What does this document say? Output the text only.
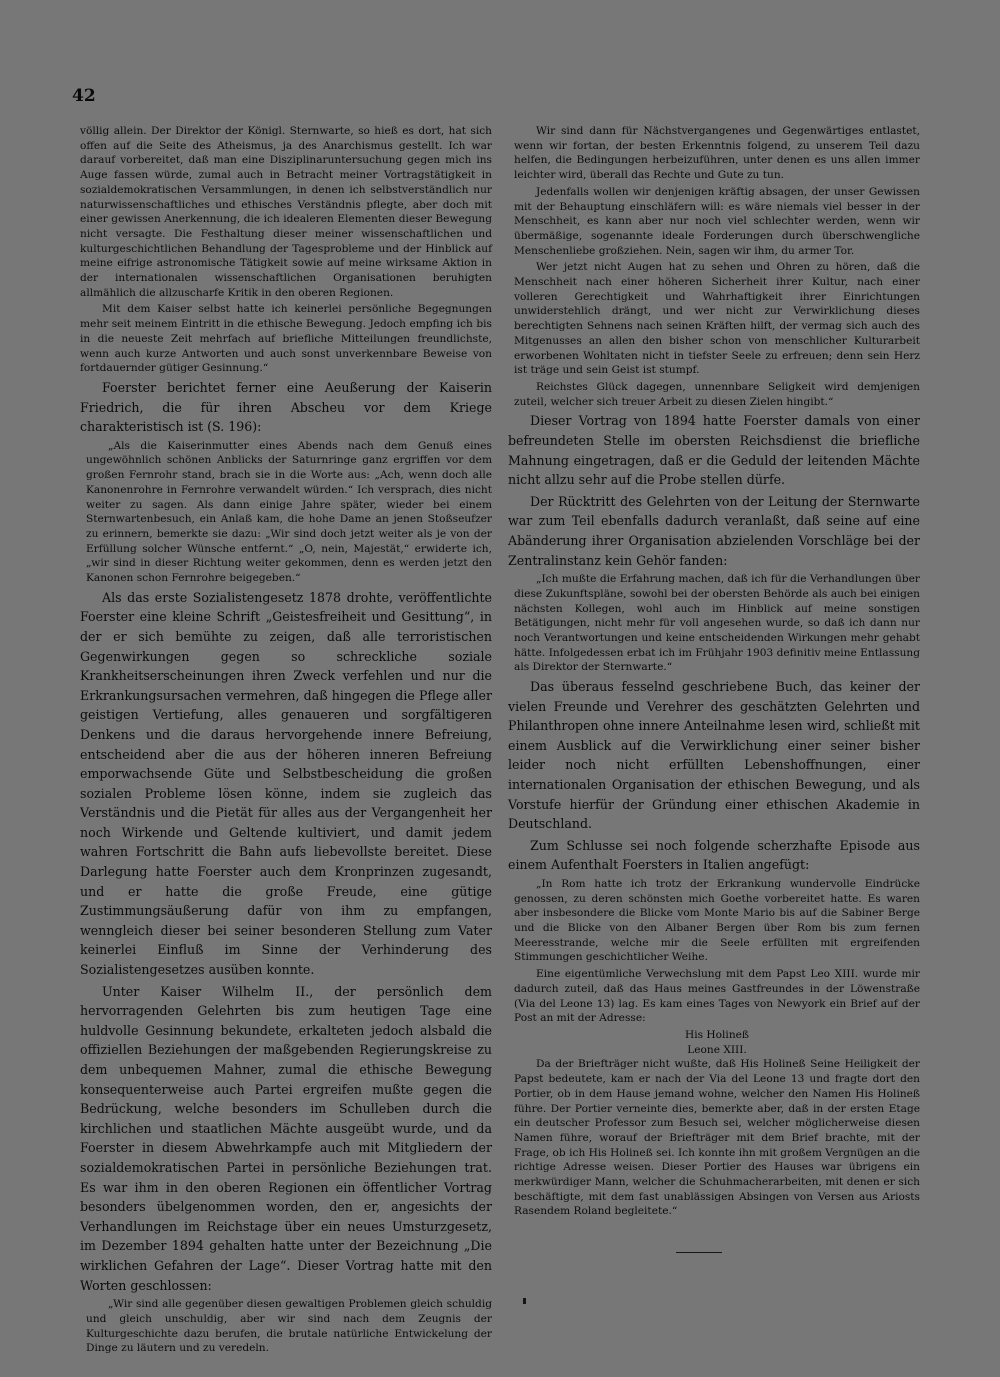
42

völlig allein. Der Direktor der Königl. Sternwarte, so hieß es dort, hat sich offen auf die Seite des Atheismus, ja des Anarchismus gestellt. Ich war darauf vorbereitet, daß man eine Disziplinaruntersuchung gegen mich ins Auge fassen würde, zumal auch in Betracht meiner Vortragstätigkeit in sozialdemokratischen Versammlungen, in denen ich selbstverständlich nur naturwissenschaftliches und ethisches Verständnis pflegte, aber doch mit einer gewissen Anerkennung, die ich idealeren Elementen dieser Bewegung nicht versagte. Die Festhaltung dieser meiner wissenschaftlichen und kulturgeschichtlichen Behandlung der Tagesprobleme und der Hinblick auf meine eifrige astronomische Tätigkeit sowie auf meine wirksame Aktion in der internationalen wissenschaftlichen Organisationen beruhigten allmählich die allzuscharfe Kritik in den oberen Regionen.

Mit dem Kaiser selbst hatte ich keinerlei persönliche Begegnungen mehr seit meinem Eintritt in die ethische Bewegung. Jedoch empfing ich bis in die neueste Zeit mehrfach auf briefliche Mitteilungen freundlichste, wenn auch kurze Antworten und auch sonst unverkennbare Beweise von fortdauernder gütiger Gesinnung.“

Foerster berichtet ferner eine Aeußerung der Kaiserin Friedrich, die für ihren Abscheu vor dem Kriege charakteristisch ist (S. 196):

„Als die Kaiserinmutter eines Abends nach dem Genuß eines ungewöhnlich schönen Anblicks der Saturnringe ganz ergriffen vor dem großen Fernrohr stand, brach sie in die Worte aus: „Ach, wenn doch alle Kanonenrohre in Fernrohre verwandelt würden.“ Ich versprach, dies nicht weiter zu sagen. Als dann einige Jahre später, wieder bei einem Sternwartenbesuch, ein Anlaß kam, die hohe Dame an jenen Stoßseufzer zu erinnern, bemerkte sie dazu: „Wir sind doch jetzt weiter als je von der Erfüllung solcher Wünsche entfernt.“ „O, nein, Majestät,“ erwiderte ich, „wir sind in dieser Richtung weiter gekommen, denn es werden jetzt den Kanonen schon Fernrohre beigegeben.“

Als das erste Sozialistengesetz 1878 drohte, veröffentlichte Foerster eine kleine Schrift „Geistesfreiheit und Gesittung“, in der er sich bemühte zu zeigen, daß alle terroristischen Gegenwirkungen gegen so schreckliche soziale Krankheitserscheinungen ihren Zweck verfehlen und nur die Erkrankungsursachen vermehren, daß hingegen die Pflege aller geistigen Vertiefung, alles genaueren und sorgfältigeren Denkens und die daraus hervorgehende innere Befreiung, entscheidend aber die aus der höheren inneren Befreiung emporwachsende Güte und Selbstbescheidung die großen sozialen Probleme lösen könne, indem sie zugleich das Verständnis und die Pietät für alles aus der Vergangenheit her noch Wirkende und Geltende kultiviert, und damit jedem wahren Fortschritt die Bahn aufs liebevollste bereitet. Diese Darlegung hatte Foerster auch dem Kronprinzen zugesandt, und er hatte die große Freude, eine gütige Zustimmungsäußerung dafür von ihm zu empfangen, wenngleich dieser bei seiner besonderen Stellung zum Vater keinerlei Einfluß im Sinne der Verhinderung des Sozialistengesetzes ausüben konnte.

Unter Kaiser Wilhelm II., der persönlich dem hervorragenden Gelehrten bis zum heutigen Tage eine huldvolle Gesinnung bekundete, erkalteten jedoch alsbald die offiziellen Beziehungen der maßgebenden Regierungskreise zu dem unbequemen Mahner, zumal die ethische Bewegung konsequenterweise auch Partei ergreifen mußte gegen die Bedrückung, welche besonders im Schulleben durch die kirchlichen und staatlichen Mächte ausgeübt wurde, und da Foerster in diesem Abwehrkampfe auch mit Mitgliedern der sozialdemokratischen Partei in persönliche Beziehungen trat. Es war ihm in den oberen Regionen ein öffentlicher Vortrag besonders übelgenommen worden, den er, angesichts der Verhandlungen im Reichstage über ein neues Umsturzgesetz, im Dezember 1894 gehalten hatte unter der Bezeichnung „Die wirklichen Gefahren der Lage“. Dieser Vortrag hatte mit den Worten geschlossen:

„Wir sind alle gegenüber diesen gewaltigen Problemen gleich schuldig und gleich unschuldig, aber wir sind nach dem Zeugnis der Kulturgeschichte dazu berufen, die brutale natürliche Entwickelung der Dinge zu läutern und zu veredeln.

Wir sind dann für Nächstvergangenes und Gegenwärtiges entlastet, wenn wir fortan, der besten Erkenntnis folgend, zu unserem Teil dazu helfen, die Bedingungen herbeizuführen, unter denen es uns allen immer leichter wird, überall das Rechte und Gute zu tun.

Jedenfalls wollen wir denjenigen kräftig absagen, der unser Gewissen mit der Behauptung einschläfern will: es wäre niemals viel besser in der Menschheit, es kann aber nur noch viel schlechter werden, wenn wir übermäßige, sogenannte ideale Forderungen durch überschwengliche Menschenliebe großziehen. Nein, sagen wir ihm, du armer Tor.

Wer jetzt nicht Augen hat zu sehen und Ohren zu hören, daß die Menschheit nach einer höheren Sicherheit ihrer Kultur, nach einer volleren Gerechtigkeit und Wahrhaftigkeit ihrer Einrichtungen unwiderstehlich drängt, und wer nicht zur Verwirklichung dieses berechtigten Sehnens nach seinen Kräften hilft, der vermag sich auch des Mitgenusses an allen den bisher schon von menschlicher Kulturarbeit erworbenen Wohltaten nicht in tiefster Seele zu erfreuen; denn sein Herz ist träge und sein Geist ist stumpf.

Reichstes Glück dagegen, unnennbare Seligkeit wird demjenigen zuteil, welcher sich treuer Arbeit zu diesen Zielen hingibt.“

Dieser Vortrag von 1894 hatte Foerster damals von einer befreundeten Stelle im obersten Reichsdienst die briefliche Mahnung eingetragen, daß er die Geduld der leitenden Mächte nicht allzu sehr auf die Probe stellen dürfe.

Der Rücktritt des Gelehrten von der Leitung der Sternwarte war zum Teil ebenfalls dadurch veranlaßt, daß seine auf eine Abänderung ihrer Organisation abzielenden Vorschläge bei der Zentralinstanz kein Gehör fanden:

„Ich mußte die Erfahrung machen, daß ich für die Verhandlungen über diese Zukunftspläne, sowohl bei der obersten Behörde als auch bei einigen nächsten Kollegen, wohl auch im Hinblick auf meine sonstigen Betätigungen, nicht mehr für voll angesehen wurde, so daß ich dann nur noch Verantwortungen und keine entscheidenden Wirkungen mehr gehabt hätte. Infolgedessen erbat ich im Frühjahr 1903 definitiv meine Entlassung als Direktor der Sternwarte.“

Das überaus fesselnd geschriebene Buch, das keiner der vielen Freunde und Verehrer des geschätzten Gelehrten und Philanthropen ohne innere Anteilnahme lesen wird, schließt mit einem Ausblick auf die Verwirklichung einer seiner bisher leider noch nicht erfüllten Lebenshoffnungen, einer internationalen Organisation der ethischen Bewegung, und als Vorstufe hierfür der Gründung einer ethischen Akademie in Deutschland.

Zum Schlusse sei noch folgende scherzhafte Episode aus einem Aufenthalt Foersters in Italien angefügt:

„In Rom hatte ich trotz der Erkrankung wundervolle Eindrücke genossen, zu deren schönsten mich Goethe vorbereitet hatte. Es waren aber insbesondere die Blicke vom Monte Mario bis auf die Sabiner Berge und die Blicke von den Albaner Bergen über Rom bis zum fernen Meeresstrande, welche mir die Seele erfüllten mit ergreifenden Stimmungen geschichtlicher Weihe.

Eine eigentümliche Verwechslung mit dem Papst Leo XIII. wurde mir dadurch zuteil, daß das Haus meines Gastfreundes in der Löwenstraße (Via del Leone 13) lag. Es kam eines Tages von Newyork ein Brief auf der Post an mit der Adresse:

His Holineß

Leone XIII.

Da der Briefträger nicht wußte, daß His Holineß Seine Heiligkeit der Papst bedeutete, kam er nach der Via del Leone 13 und fragte dort den Portier, ob in dem Hause jemand wohne, welcher den Namen His Holineß führe. Der Portier verneinte dies, bemerkte aber, daß in der ersten Etage ein deutscher Professor zum Besuch sei, welcher möglicherweise diesen Namen führe, worauf der Briefträger mit dem Brief brachte, mit der Frage, ob ich His Holineß sei. Ich konnte ihn mit großem Vergnügen an die richtige Adresse weisen. Dieser Portier des Hauses war übrigens ein merkwürdiger Mann, welcher die Schuhmacherarbeiten, mit denen er sich beschäftigte, mit dem fast unablässigen Absingen von Versen aus Ariosts Rasendem Roland begleitete.“
